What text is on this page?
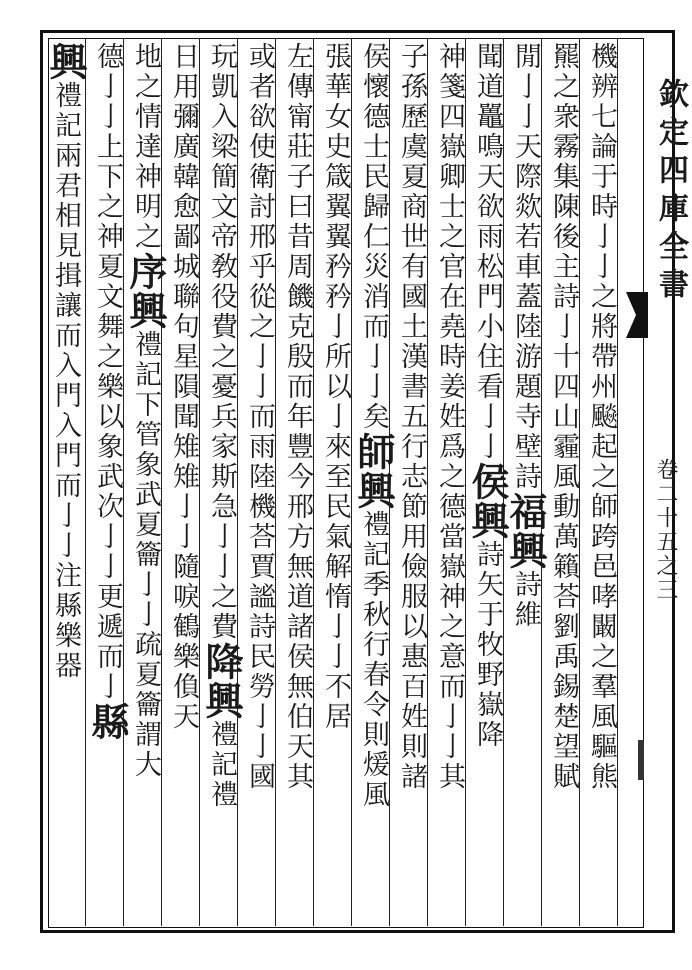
機辨七論于時亅亅之將帶州飈起之師跨邑哮闞之羣風驅熊
羆之衆霧集陳後主詩亅十四山霾風動萬籟荅劉禹錫楚望賦
閒亅亅天際欻若車蓋陸游題寺壁詩福興詩維
聞道鼉鳴天欲雨松門小住看亅亅侯興詩矢于牧野嶽降
神箋四嶽卿士之官在堯時姜姓爲之德當嶽神之意而亅亅其
子孫歷虞夏商世有國土漢書五行志節用儉服以惠百姓則諸
侯懷德士民歸仁災消而亅亅矣師興禮記季秋行春令則煖風
張華女史箴翼翼矜矜亅所以亅來至民氣解惰亅亅不居
左傳甯莊子曰昔周饑克殷而年豐今邢方無道諸侯無伯天其
或者欲使衛討邢乎從之亅亅而雨陸機荅賈謐詩民勞亅亅國
玩凱入梁簡文帝敎役費之憂兵家斯急亅亅之費降興禮記禮
日用彌廣韓愈鄙城聯句星隕聞雉雉亅亅隨唳鶴樂偩天
地之情達神明之序興禮記下管象武夏籥亅亅疏夏籥謂大
德亅亅上下之神夏文舞之樂以象武次亅亅更遞而亅縣
興禮記兩君相見揖讓而入門入門而亅亅注縣樂器	欽定四庫全書
卷二十五之三
